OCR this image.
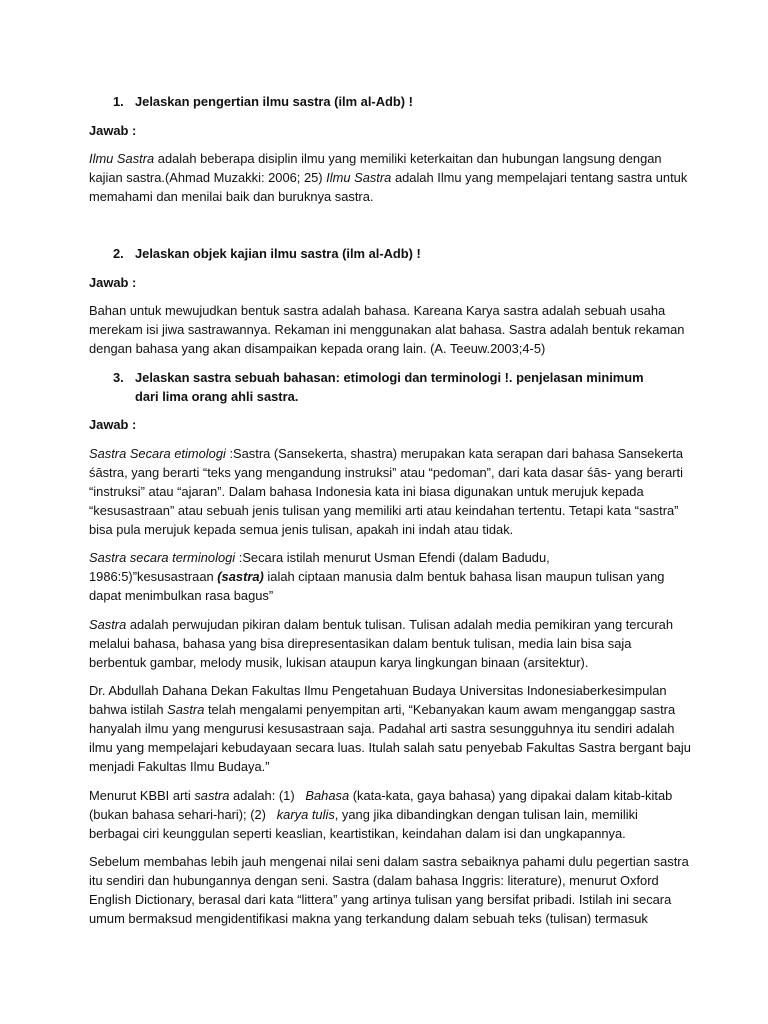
1. Jelaskan pengertian ilmu sastra (ilm al-Adb) !
Jawab :
Ilmu Sastra adalah beberapa disiplin ilmu yang memiliki keterkaitan dan hubungan langsung dengan
kajian sastra.(Ahmad Muzakki: 2006; 25) Ilmu Sastra adalah Ilmu yang mempelajari tentang sastra untuk
memahami dan menilai baik dan buruknya sastra.
2. Jelaskan objek kajian ilmu sastra (ilm al-Adb) !
Jawab :
Bahan untuk mewujudkan bentuk sastra adalah bahasa. Kareana Karya sastra adalah sebuah usaha
merekam isi jiwa sastrawannya. Rekaman ini menggunakan alat bahasa. Sastra adalah bentuk rekaman
dengan bahasa yang akan disampaikan kepada orang lain. (A. Teeuw.2003;4-5)
3. Jelaskan sastra sebuah bahasan: etimologi dan terminologi !. penjelasan minimum
dari lima orang ahli sastra.
Jawab :
Sastra Secara etimologi :Sastra (Sansekerta, shastra) merupakan kata serapan dari bahasa Sansekerta
śāstra, yang berarti “teks yang mengandung instruksi” atau “pedoman”, dari kata dasar śās- yang berarti
“instruksi” atau “ajaran”. Dalam bahasa Indonesia kata ini biasa digunakan untuk merujuk kepada
“kesusastraan” atau sebuah jenis tulisan yang memiliki arti atau keindahan tertentu. Tetapi kata “sastra”
bisa pula merujuk kepada semua jenis tulisan, apakah ini indah atau tidak.
Sastra secara terminologi :Secara istilah menurut Usman Efendi (dalam Badudu,
1986:5)”kesusastraan (sastra) ialah ciptaan manusia dalm bentuk bahasa lisan maupun tulisan yang
dapat menimbulkan rasa bagus”
Sastra adalah perwujudan pikiran dalam bentuk tulisan. Tulisan adalah media pemikiran yang tercurah
melalui bahasa, bahasa yang bisa direpresentasikan dalam bentuk tulisan, media lain bisa saja
berbentuk gambar, melody musik, lukisan ataupun karya lingkungan binaan (arsitektur).
Dr. Abdullah Dahana Dekan Fakultas Ilmu Pengetahuan Budaya Universitas Indonesiaberkesimpulan
bahwa istilah Sastra telah mengalami penyempitan arti, “Kebanyakan kaum awam menganggap sastra
hanyalah ilmu yang mengurusi kesusastraan saja. Padahal arti sastra sesungguhnya itu sendiri adalah
ilmu yang mempelajari kebudayaan secara luas. Itulah salah satu penyebab Fakultas Sastra bergant baju
menjadi Fakultas Ilmu Budaya.”
Menurut KBBI arti sastra adalah: (1)   Bahasa (kata-kata, gaya bahasa) yang dipakai dalam kitab-kitab
(bukan bahasa sehari-hari); (2)   karya tulis, yang jika dibandingkan dengan tulisan lain, memiliki
berbagai ciri keunggulan seperti keaslian, keartistikan, keindahan dalam isi dan ungkapannya.
Sebelum membahas lebih jauh mengenai nilai seni dalam sastra sebaiknya pahami dulu pegertian sastra
itu sendiri dan hubungannya dengan seni. Sastra (dalam bahasa Inggris: literature), menurut Oxford
English Dictionary, berasal dari kata “littera” yang artinya tulisan yang bersifat pribadi. Istilah ini secara
umum bermaksud mengidentifikasi makna yang terkandung dalam sebuah teks (tulisan) termasuk
